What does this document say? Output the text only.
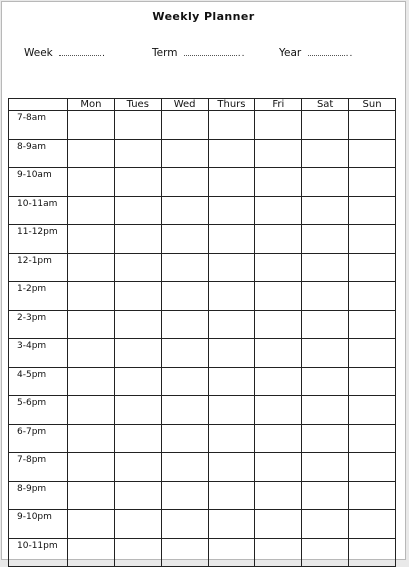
Weekly Planner
Week	.	Term	..	Year	..
	Mon	Tues	Wed	Thurs	Fri	Sat	Sun
7-8am							
8-9am							
9-10am							
10-11am							
11-12pm							
12-1pm							
1-2pm							
2-3pm							
3-4pm							
4-5pm							
5-6pm							
6-7pm							
7-8pm							
8-9pm							
9-10pm							
10-11pm							
